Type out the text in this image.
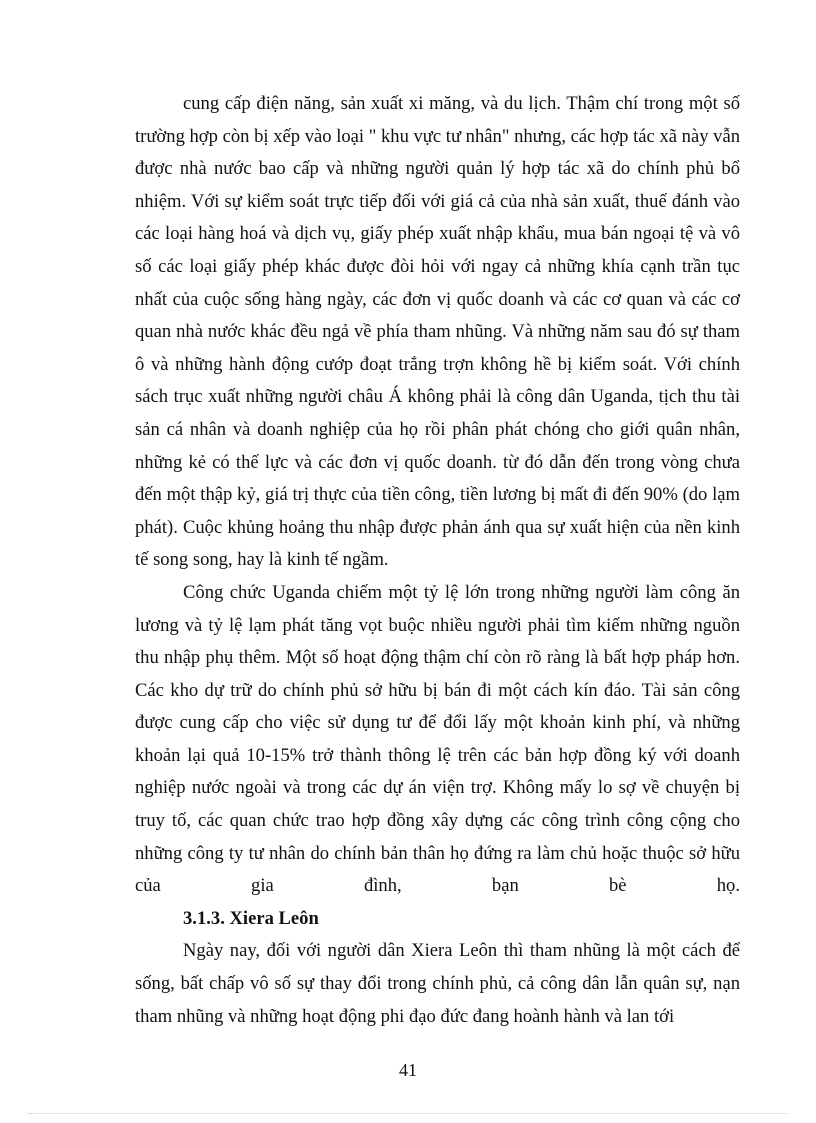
cung cấp điện năng, sản xuất xi măng, và du lịch. Thậm chí trong một số trường hợp còn bị xếp vào loại " khu vực tư nhân" nhưng, các hợp tác xã này vẫn được nhà nước bao cấp và những người quản lý hợp tác xã do chính phủ bổ nhiệm. Với sự kiểm soát trực tiếp đối với giá cả của nhà sản xuất, thuế đánh vào các loại hàng hoá và dịch vụ, giấy phép xuất nhập khẩu, mua bán ngoại tệ và vô số các loại giấy phép khác được đòi hỏi với ngay cả những khía cạnh trần tục nhất của cuộc sống hàng ngày, các đơn vị quốc doanh và các cơ quan và các cơ quan nhà nước khác đều ngả về phía tham nhũng. Và những năm sau đó sự tham ô và những hành động cướp đoạt trắng trợn không hề bị kiểm soát. Với chính sách trục xuất những người châu Á không phải là công dân Uganda, tịch thu tài sản cá nhân và doanh nghiệp của họ rồi phân phát chóng cho giới quân nhân, những kẻ có thế lực và các đơn vị quốc doanh. từ đó dẫn đến trong vòng chưa đến một thập kỷ, giá trị thực của tiền công, tiền lương bị mất đi đến 90% (do lạm phát). Cuộc khủng hoảng thu nhập được phản ánh qua sự xuất hiện của nền kinh tế song song, hay là kinh tế ngầm.

Công chức Uganda chiếm một tỷ lệ lớn trong những người làm công ăn lương và tỷ lệ lạm phát tăng vọt buộc nhiều người phải tìm kiếm những nguồn thu nhập phụ thêm. Một số hoạt động thậm chí còn rõ ràng là bất hợp pháp hơn. Các kho dự trữ do chính phủ sở hữu bị bán đi một cách kín đáo. Tài sản công được cung cấp cho việc sử dụng tư để đổi lấy một khoản kinh phí, và những khoản lại quả 10-15% trở thành thông lệ trên các bản hợp đồng ký với doanh nghiệp nước ngoài và trong các dự án viện trợ. Không mấy lo sợ về chuyện bị truy tố, các quan chức trao hợp đồng xây dựng các công trình công cộng cho những công ty tư nhân do chính bản thân họ đứng ra làm chủ hoặc thuộc sở hữu của gia đình, bạn bè họ.

3.1.3. Xiera Leôn

Ngày nay, đối với người dân Xiera Leôn thì tham nhũng là một cách để sống, bất chấp vô số sự thay đổi trong chính phủ, cả công dân lẫn quân sự, nạn tham nhũng và những hoạt động phi đạo đức đang hoành hành và lan tới

41
